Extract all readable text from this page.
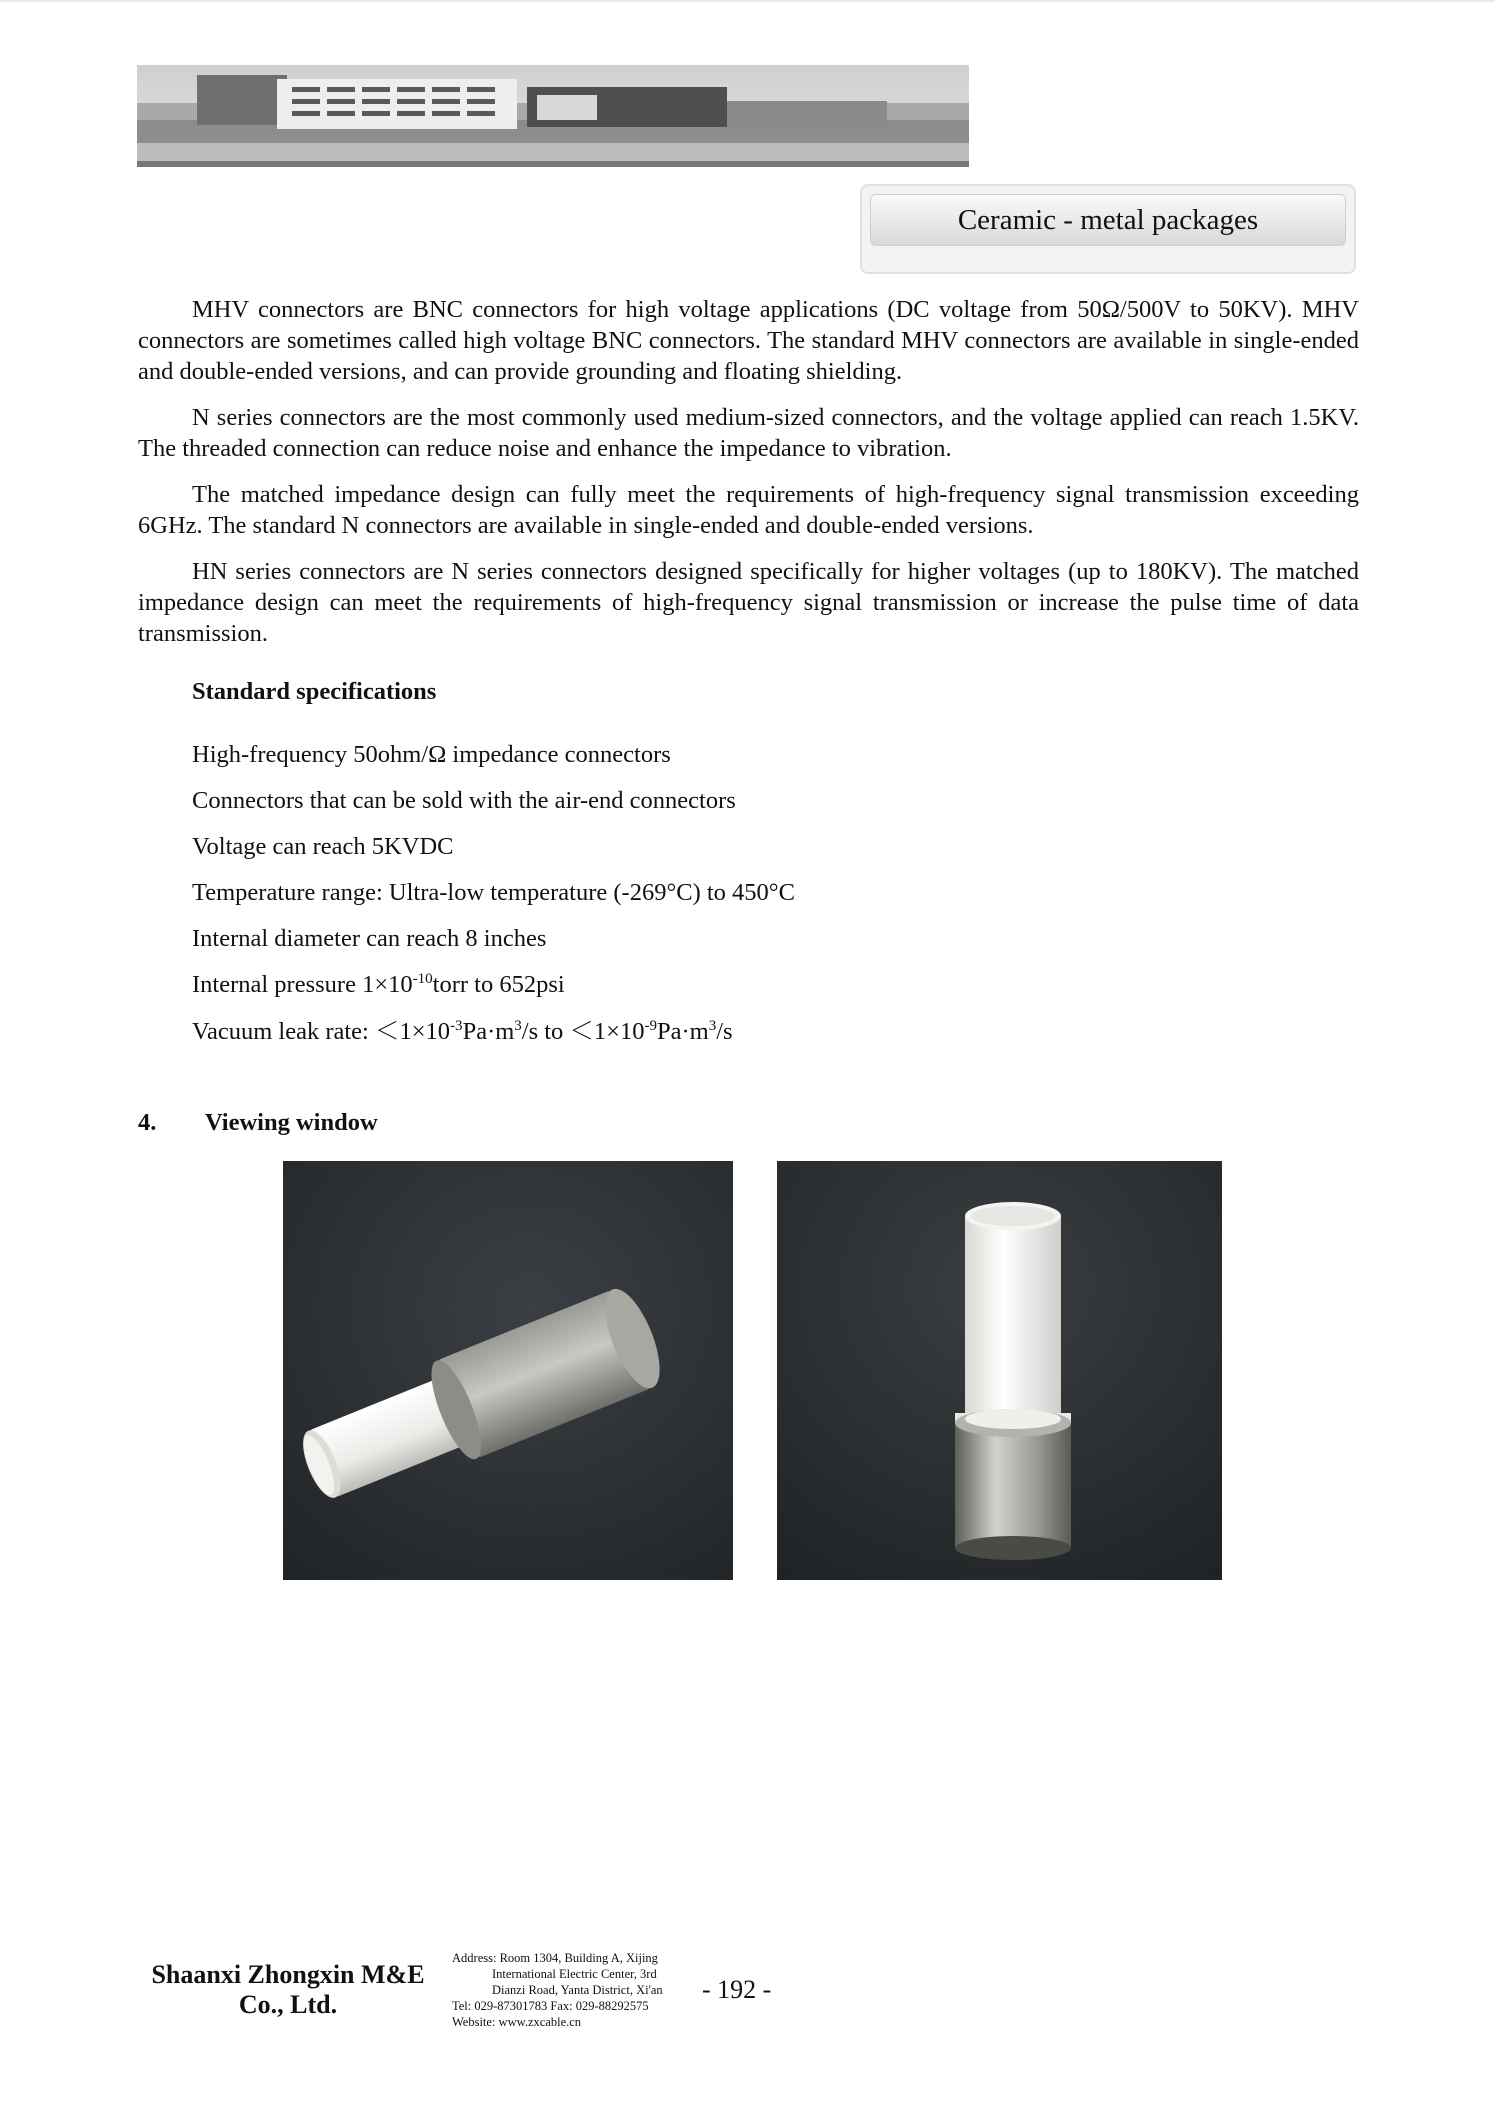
Ceramic - metal packages

MHV connectors are BNC connectors for high voltage applications (DC voltage from 50Ω/500V to 50KV). MHV connectors are sometimes called high voltage BNC connectors. The standard MHV connectors are available in single-ended and double-ended versions, and can provide grounding and floating shielding.

N series connectors are the most commonly used medium-sized connectors, and the voltage applied can reach 1.5KV. The threaded connection can reduce noise and enhance the impedance to vibration.

The matched impedance design can fully meet the requirements of high-frequency signal transmission exceeding 6GHz. The standard N connectors are available in single-ended and double-ended versions.

HN series connectors are N series connectors designed specifically for higher voltages (up to 180KV). The matched impedance design can meet the requirements of high-frequency signal transmission or increase the pulse time of data transmission.

Standard specifications

High-frequency 50ohm/Ω impedance connectors

Connectors that can be sold with the air-end connectors

Voltage can reach 5KVDC

Temperature range: Ultra-low temperature (-269°C) to 450°C

Internal diameter can reach 8 inches

Internal pressure $1\times 10^{-10}torr$ to 652psi

Vacuum leak rate: $<1\times 10^{-3}Pa\cdot m^3/s$ to $<1\times 10^{-9}Pa\cdot m^3/s$

4. Viewing window
Shaanxi Zhongxin M&E
Co., Ltd.
Address: Room 1304, Building A, Xijing
International Electric Center, 3rd
Dianzi Road, Yanta District, Xi'an
Tel: 029-87301783 Fax: 029-88292575
Website: www.zxcable.cn
- 192 -
